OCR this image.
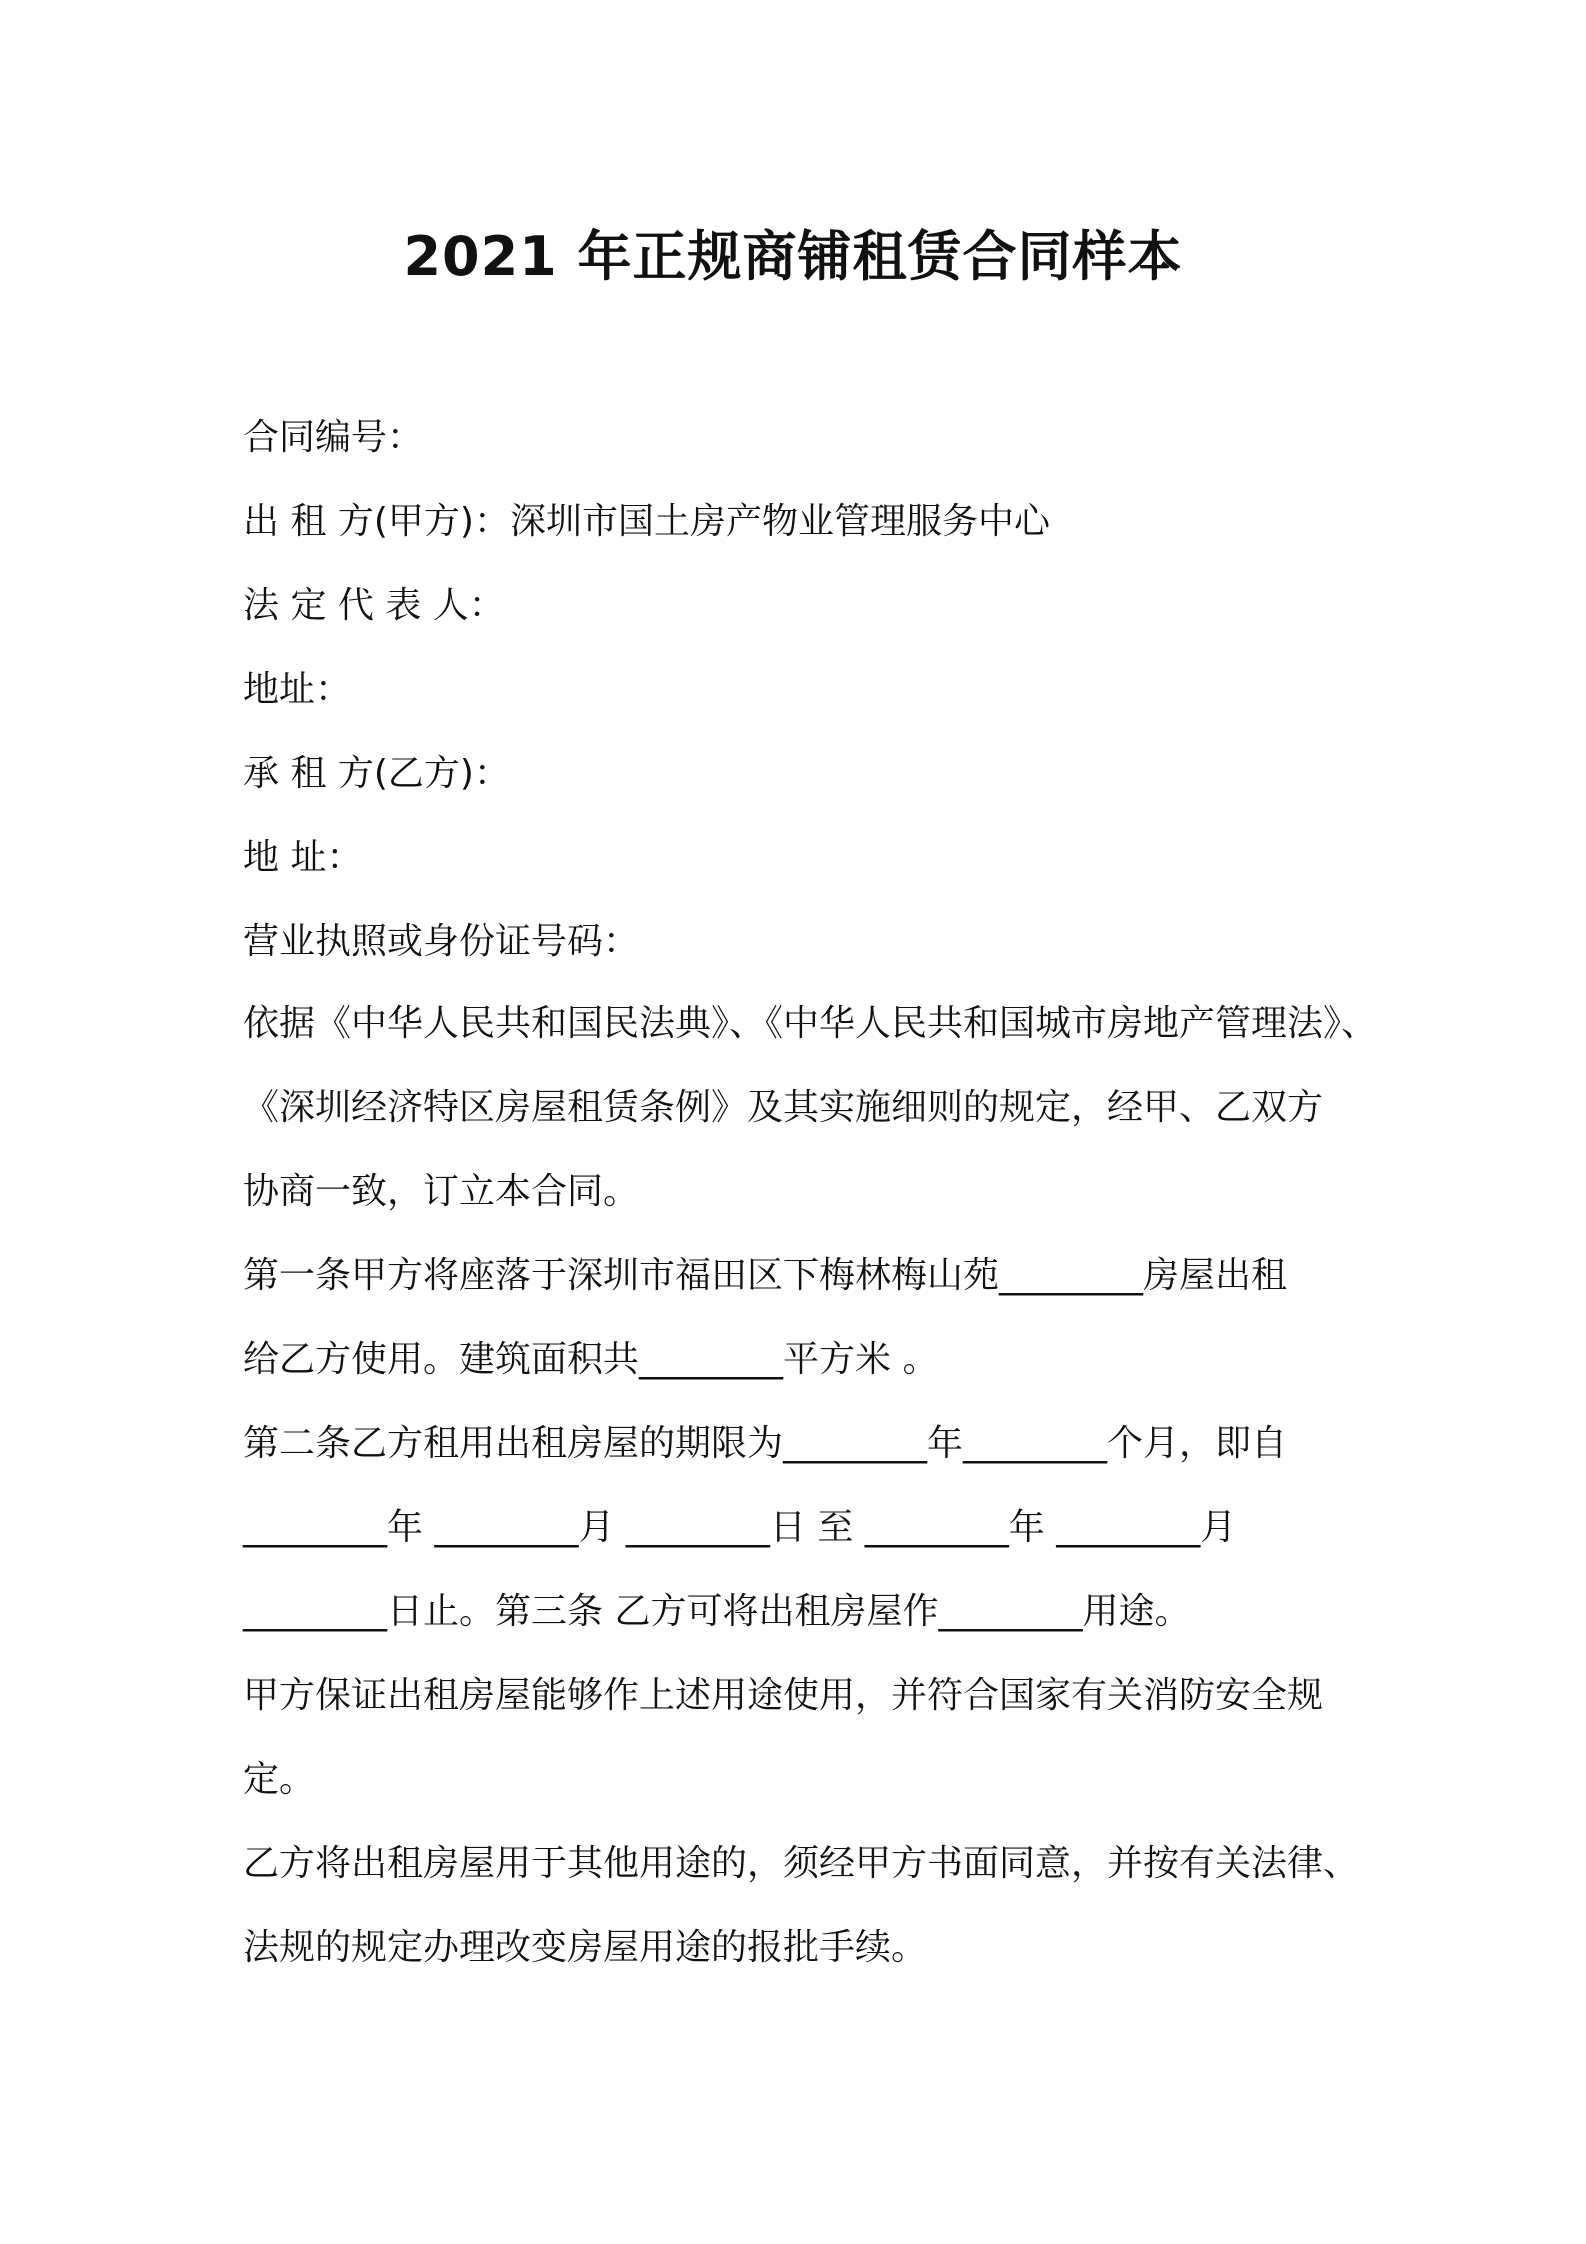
2021 年正规商铺租赁合同样本
合同编号：
出 租 方(甲方)：深圳市国土房产物业管理服务中心
法 定 代 表 人：
地址：
承 租 方(乙方)：
地 址：
营业执照或身份证号码：
依据《中华人民共和国民法典》、《中华人民共和国城市房地产管理法》、
《深圳经济特区房屋租赁条例》及其实施细则的规定，经甲、乙双方
协商一致，订立本合同。
第一条甲方将座落于深圳市福田区下梅林梅山苑________房屋出租
给乙方使用。建筑面积共________平方米 。
第二条乙方租用出租房屋的期限为________年________个月，即自
________年 ________月 ________日 至 ________年 ________月
________日止。第三条 乙方可将出租房屋作________用途。
甲方保证出租房屋能够作上述用途使用，并符合国家有关消防安全规
定。
乙方将出租房屋用于其他用途的，须经甲方书面同意，并按有关法律、
法规的规定办理改变房屋用途的报批手续。
